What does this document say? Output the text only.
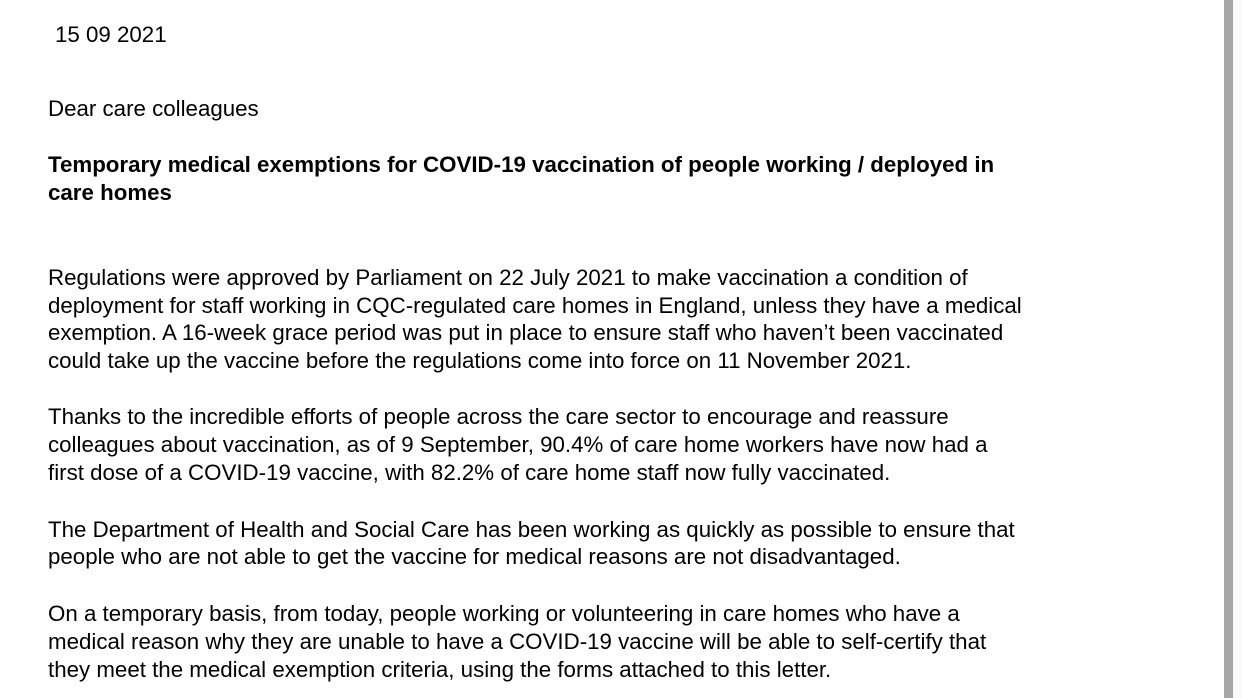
15 09 2021
Dear care colleagues
Temporary medical exemptions for COVID-19 vaccination of people working / deployed in
care homes
Regulations were approved by Parliament on 22 July 2021 to make vaccination a condition of
deployment for staff working in CQC-regulated care homes in England, unless they have a medical
exemption. A 16-week grace period was put in place to ensure staff who haven’t been vaccinated
could take up the vaccine before the regulations come into force on 11 November 2021.
Thanks to the incredible efforts of people across the care sector to encourage and reassure
colleagues about vaccination, as of 9 September, 90.4% of care home workers have now had a
first dose of a COVID-19 vaccine, with 82.2% of care home staff now fully vaccinated.
The Department of Health and Social Care has been working as quickly as possible to ensure that
people who are not able to get the vaccine for medical reasons are not disadvantaged.
On a temporary basis, from today, people working or volunteering in care homes who have a
medical reason why they are unable to have a COVID-19 vaccine will be able to self-certify that
they meet the medical exemption criteria, using the forms attached to this letter.
